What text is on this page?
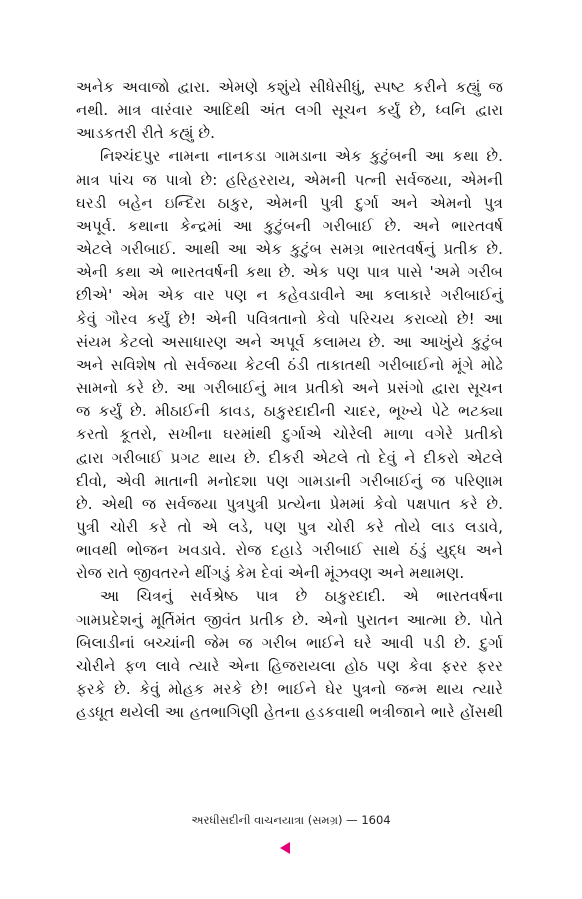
અનેક અવાજો દ્વારા. એમણે કશુંયે સીધેસીધું, સ્પષ્ટ કરીને કહ્યું જ
નથી. માત્ર વારંવાર આદિથી અંત લગી સૂચન કર્યું છે, ધ્વનિ દ્વારા
આડકતરી રીતે કહ્યું છે.

નિશ્ચંદપુર નામના નાનકડા ગામડાના એક કુટુંબની આ કથા છે.
માત્ર પાંચ જ પાત્રો છે: હરિહરરાય, એમની પત્ની સર્વજયા, એમની
ઘરડી બહેન ઇન્દિરા ઠાકુર, એમની પુત્રી દુર્ગા અને એમનો પુત્ર
અપૂર્વ. કથાના કેન્દ્રમાં આ કુટુંબની ગરીબાઈ છે. અને ભારતવર્ષ
એટલે ગરીબાઈ. આથી આ એક કુટુંબ સમગ્ર ભારતવર્ષનું પ્રતીક છે.
એની કથા એ ભારતવર્ષની કથા છે. એક પણ પાત્ર પાસે 'અમે ગરીબ
છીએ' એમ એક વાર પણ ન કહેવડાવીને આ કલાકારે ગરીબાઈનું
કેવું ગૌરવ કર્યું છે! એની પવિત્રતાનો કેવો પરિચય કરાવ્યો છે! આ
સંયમ કેટલો અસાધારણ અને અપૂર્વ કલામય છે. આ આખુંયે કુટુંબ
અને સવિશેષ તો સર્વજયા કેટલી ઠંડી તાકાતથી ગરીબાઈનો મૂંગે મોઢે
સામનો કરે છે. આ ગરીબાઈનું માત્ર પ્રતીકો અને પ્રસંગો દ્વારા સૂચન
જ કર્યું છે. મીઠાઈની કાવડ, ઠાકુરદાદીની ચાદર, ભૂખ્યે પેટે ભટક્યા
કરતો કૂતરો, સખીના ઘરમાંથી દુર્ગાએ ચોરેલી માળા વગેરે પ્રતીકો
દ્વારા ગરીબાઈ પ્રગટ થાય છે. દીકરી એટલે તો દેવું ને દીકરો એટલે
દીવો, એવી માતાની મનોદશા પણ ગામડાની ગરીબાઈનું જ પરિણામ
છે. એથી જ સર્વજયા પુત્રપુત્રી પ્રત્યેના પ્રેમમાં કેવો પક્ષપાત કરે છે.
પુત્રી ચોરી કરે તો એ લડે, પણ પુત્ર ચોરી કરે તોયે લાડ લડાવે,
ભાવથી ભોજન ખવડાવે. રોજ દહાડે ગરીબાઈ સાથે ઠંડું યુદ્ધ અને
રોજ રાતે જીવતરને થીંગડું કેમ દેવાં એની મૂંઝવણ અને મથામણ.

આ ચિત્રનું સર્વશ્રેષ્ઠ પાત્ર છે ઠાકુરદાદી. એ ભારતવર્ષના
ગામપ્રદેશનું મૂર્તિમંત જીવંત પ્રતીક છે. એનો પુરાતન આત્મા છે. પોતે
બિલાડીનાં બચ્ચાંની જેમ જ ગરીબ ભાઈને ઘરે આવી પડી છે. દુર્ગા
ચોરીને ફળ લાવે ત્યારે એના હિજરાયલા હોઠ પણ કેવા ફરર ફરર
ફરકે છે. કેવું મોહક મરકે છે! ભાઈને ઘેર પુત્રનો જન્મ થાય ત્યારે
હડધૂત થયેલી આ હતભાગિણી હેતના હડકવાથી ભત્રીજાને ભારે હોંસથી

અરધીસદીની વાચનયાત્રા (સમગ્ર) — 1604
